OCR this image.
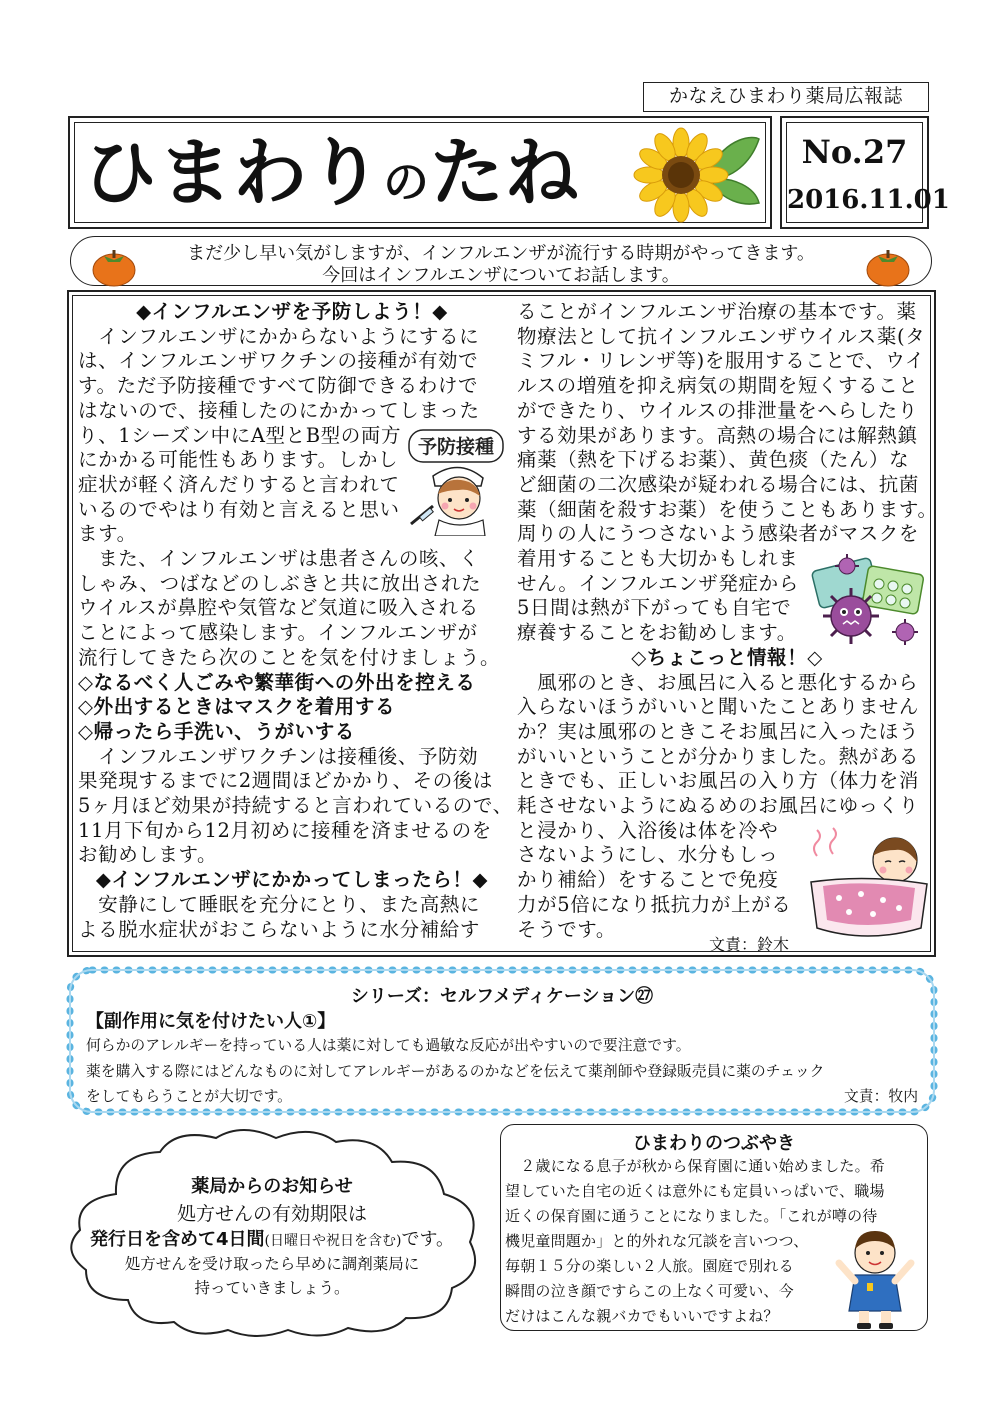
かなえひまわり薬局広報誌
ひまわりのたね	No.27
2016.11.01

まだ少し早い気がしますが、インフルエンザが流行する時期がやってきます。

今回はインフルエンザについてお話します。

◆インフルエンザを予防しよう！◆
　インフルエンザにかからないようにするに
は、インフルエンザワクチンの接種が有効で
す。ただ予防接種ですべて防御できるわけで
はないので、接種したのにかかってしまった
り、1シーズン中にA型とB型の両方
にかかる可能性もあります。しかし
症状が軽く済んだりすると言われて
いるのでやはり有効と言えると思い
ます。
　また、インフルエンザは患者さんの咳、く
しゃみ、つばなどのしぶきと共に放出された
ウイルスが鼻腔や気管など気道に吸入される
ことによって感染します。インフルエンザが
流行してきたら次のことを気を付けましょう。
◇なるべく人ごみや繁華街への外出を控える
◇外出するときはマスクを着用する
◇帰ったら手洗い、うがいする
　インフルエンザワクチンは接種後、予防効
果発現するまでに2週間ほどかかり、その後は
5ヶ月ほど効果が持続すると言われているので、
11月下旬から12月初めに接種を済ませるのを
お勧めします。
◆インフルエンザにかかってしまったら！◆
　安静にして睡眠を充分にとり、また高熱に
よる脱水症状がおこらないように水分補給す
ることがインフルエンザ治療の基本です。薬
物療法として抗インフルエンザウイルス薬(タ
ミフル・リレンザ等)を服用することで、ウイ
ルスの増殖を抑え病気の期間を短くすること
ができたり、ウイルスの排泄量をへらしたり
する効果があります。高熱の場合には解熱鎮
痛薬（熱を下げるお薬）、黄色痰（たん）な
ど細菌の二次感染が疑われる場合には、抗菌
薬（細菌を殺すお薬）を使うこともあります。
周りの人にうつさないよう感染者がマスクを
着用することも大切かもしれま
せん。インフルエンザ発症から
5日間は熱が下がっても自宅で
療養することをお勧めします。
◇ちょこっと情報！◇
　風邪のとき、お風呂に入ると悪化するから
入らないほうがいいと聞いたことありません
か？実は風邪のときこそお風呂に入ったほう
がいいということが分かりました。熱がある
ときでも、正しいお風呂の入り方（体力を消
耗させないようにぬるめのお風呂にゆっくり
と浸かり、入浴後は体を冷や
さないようにし、水分もしっ
かり補給）をすることで免疫
力が5倍になり抵抗力が上がる
そうです。
文責：鈴木
予防接種
シリーズ：セルフメディケーション㉗
【副作用に気を付けたい人①】
何らかのアレルギーを持っている人は薬に対しても過敏な反応が出やすいので要注意です。
薬を購入する際にはどんなものに対してアレルギーがあるのかなどを伝えて薬剤師や登録販売員に薬のチェック
をしてもらうことが大切です。	文責：牧内
薬局からのお知らせ
処方せんの有効期限は
発行日を含めて4日間(日曜日や祝日を含む)です。
処方せんを受け取ったら早めに調剤薬局に
持っていきましょう。
ひまわりのつぶやき
　２歳になる息子が秋から保育園に通い始めました。希
望していた自宅の近くは意外にも定員いっぱいで、職場
近くの保育園に通うことになりました。「これが噂の待
機児童問題か」と的外れな冗談を言いつつ、
毎朝１５分の楽しい２人旅。園庭で別れる
瞬間の泣き顔ですらこの上なく可愛い、今
だけはこんな親バカでもいいですよね？
